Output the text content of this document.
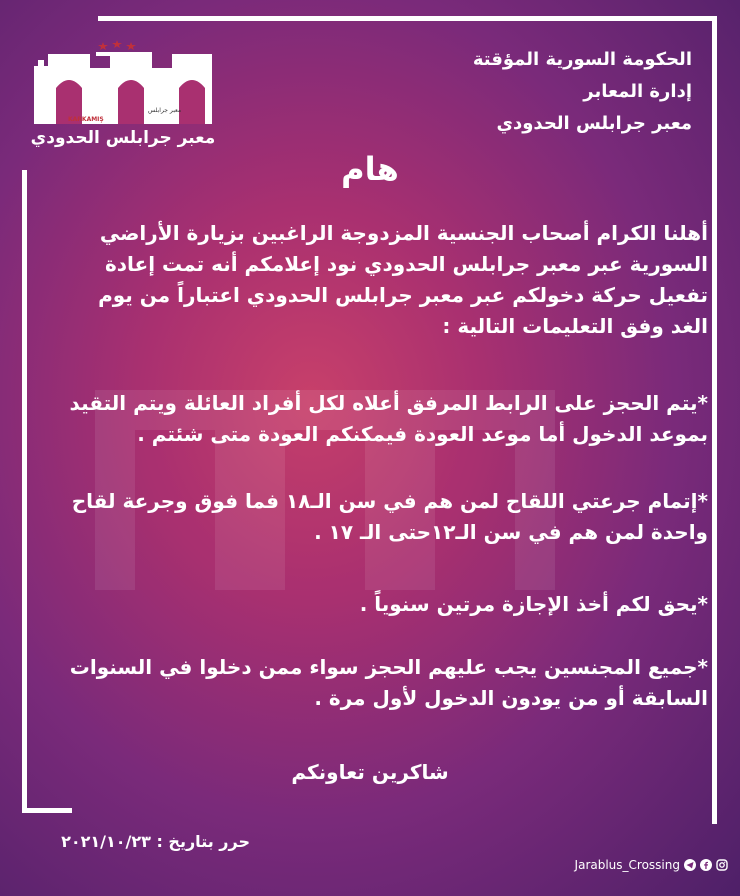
KARKAMIŞ
معبر جرابلس
معبر جرابلس الحدودي
الحكومة السورية المؤقتة
إدارة المعابر
معبر جرابلس الحدودي
هام
أهلنا الكرام أصحاب الجنسية المزدوجة الراغبين بزيارة الأراضي
السورية عبر معبر جرابلس الحدودي نود إعلامكم أنه تمت إعادة
تفعيل حركة دخولكم عبر معبر جرابلس الحدودي اعتباراً من يوم
الغد وفق التعليمات التالية :
*يتم الحجز على الرابط المرفق أعلاه لكل أفراد العائلة ويتم التقيد
بموعد الدخول أما موعد العودة فيمكنكم العودة متى شئتم .
*إتمام جرعتي اللقاح لمن هم في سن الـ١٨ فما فوق وجرعة لقاح
واحدة لمن هم في سن الـ١٢حتى الـ ١٧ .
*يحق لكم أخذ الإجازة مرتين سنوياً .
*جميع المجنسين يجب عليهم الحجز سواء ممن دخلوا في السنوات
السابقة أو من يودون الدخول لأول مرة .
شاكرين تعاونكم
حرر بتاريخ : ٢٠٢١/١٠/٢٣
Jarablus_Crossing
